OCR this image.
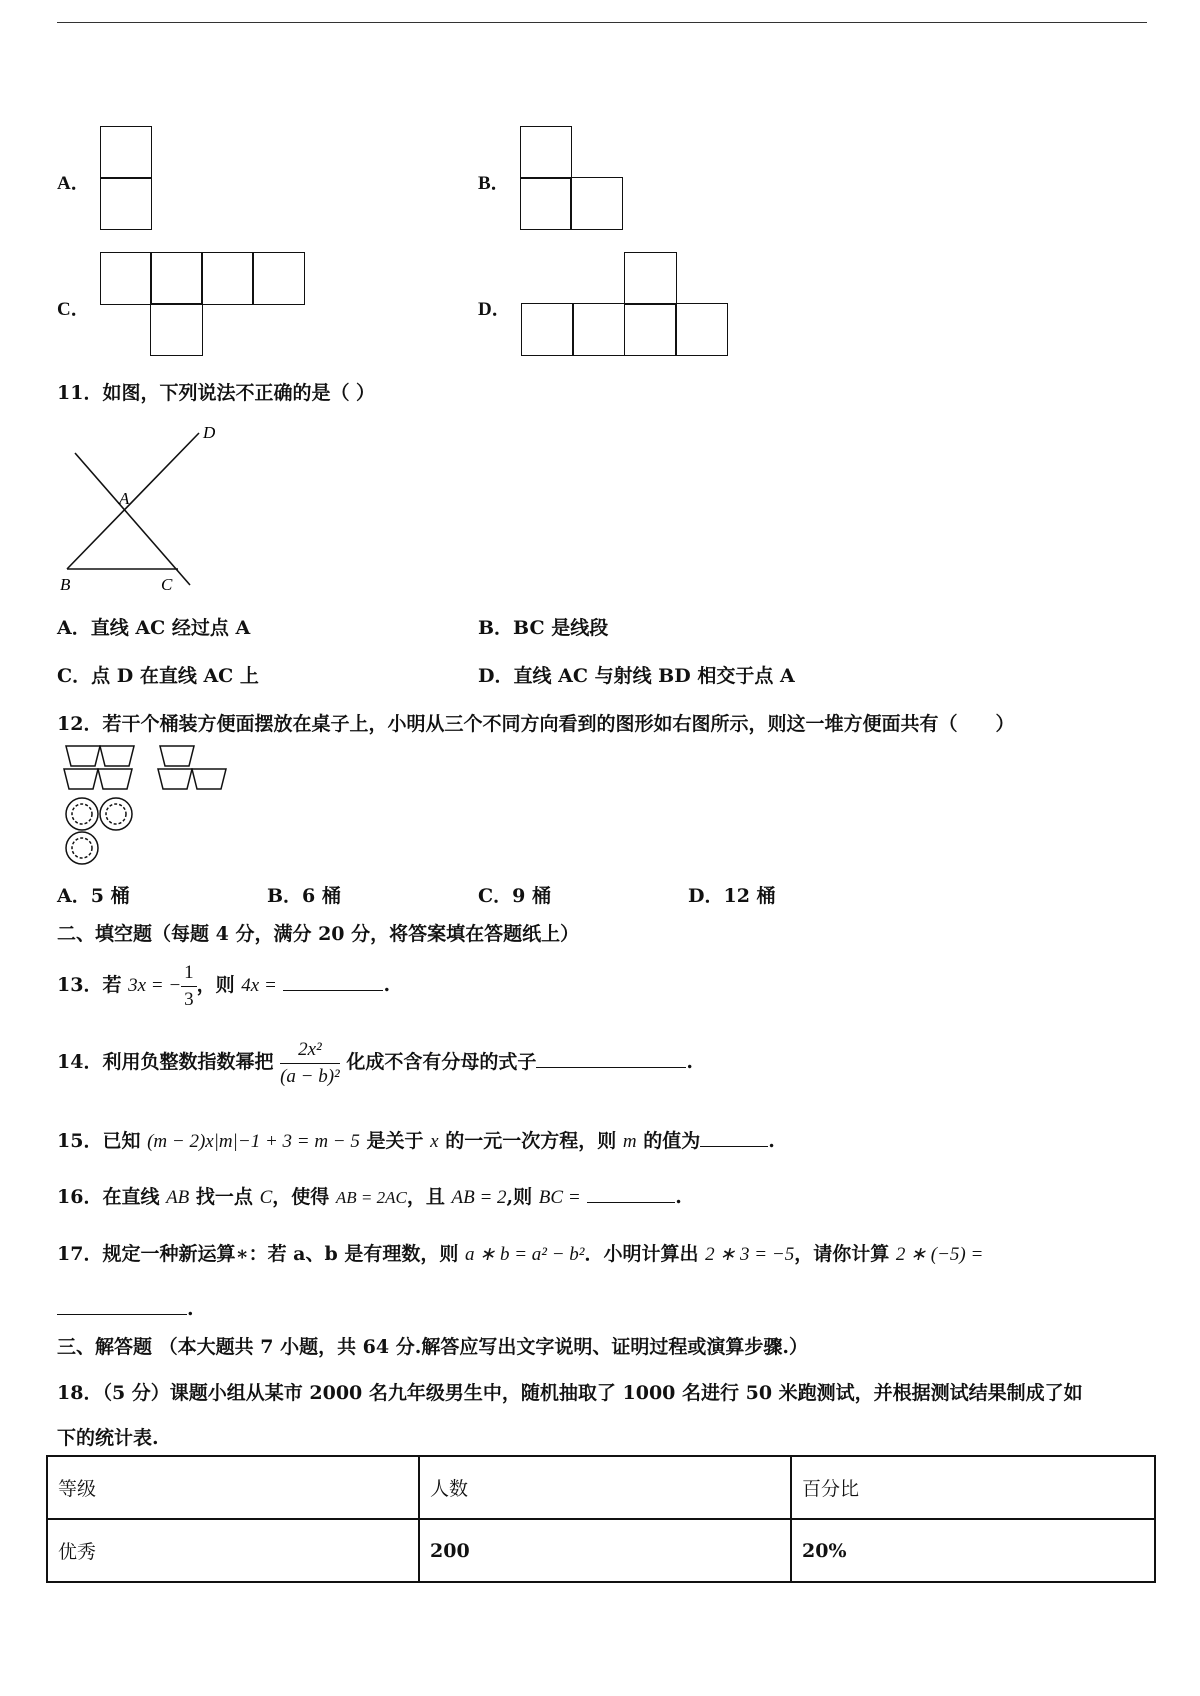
A．	B．
C．	D．
11．如图，下列说法不正确的是（ ）
D
A
B	C
A．直线 AC 经过点 A	B．BC 是线段
C．点 D 在直线 AC 上	D．直线 AC 与射线 BD 相交于点 A
12．若干个桶装方便面摆放在桌子上，小明从三个不同方向看到的图形如右图所示，则这一堆方便面共有（　　）
A．5 桶	B．6 桶	C．9 桶	D．12 桶
二、填空题（每题 4 分，满分 20 分，将答案填在答题纸上）
13．若 3x = − $\frac{1}{3}$ ，则 4x =	.
14．利用负整数指数幂把 $\frac{\text{2x²}}{\text{(a − b)²}}$ 化成不含有分母的式子	.
15．已知 (m − 2)x|m|−1 + 3 = m − 5 是关于 x 的一元一次方程，则 m 的值为	.
16．在直线 AB 找一点 C，使得 AB = 2AC，且 AB = 2,则 BC =	.
17．规定一种新运算∗：若 a、b 是有理数，则 a ∗ b = a² − b²．小明计算出 2 ∗ 3 = −5，请你计算 2 ∗ (−5) =
.
三、解答题 （本大题共 7 小题，共 64 分.解答应写出文字说明、证明过程或演算步骤.）
18．（5 分）课题小组从某市 2000 名九年级男生中，随机抽取了 1000 名进行 50 米跑测试，并根据测试结果制成了如
下的统计表.
等级	人数	百分比
优秀	200	20%
